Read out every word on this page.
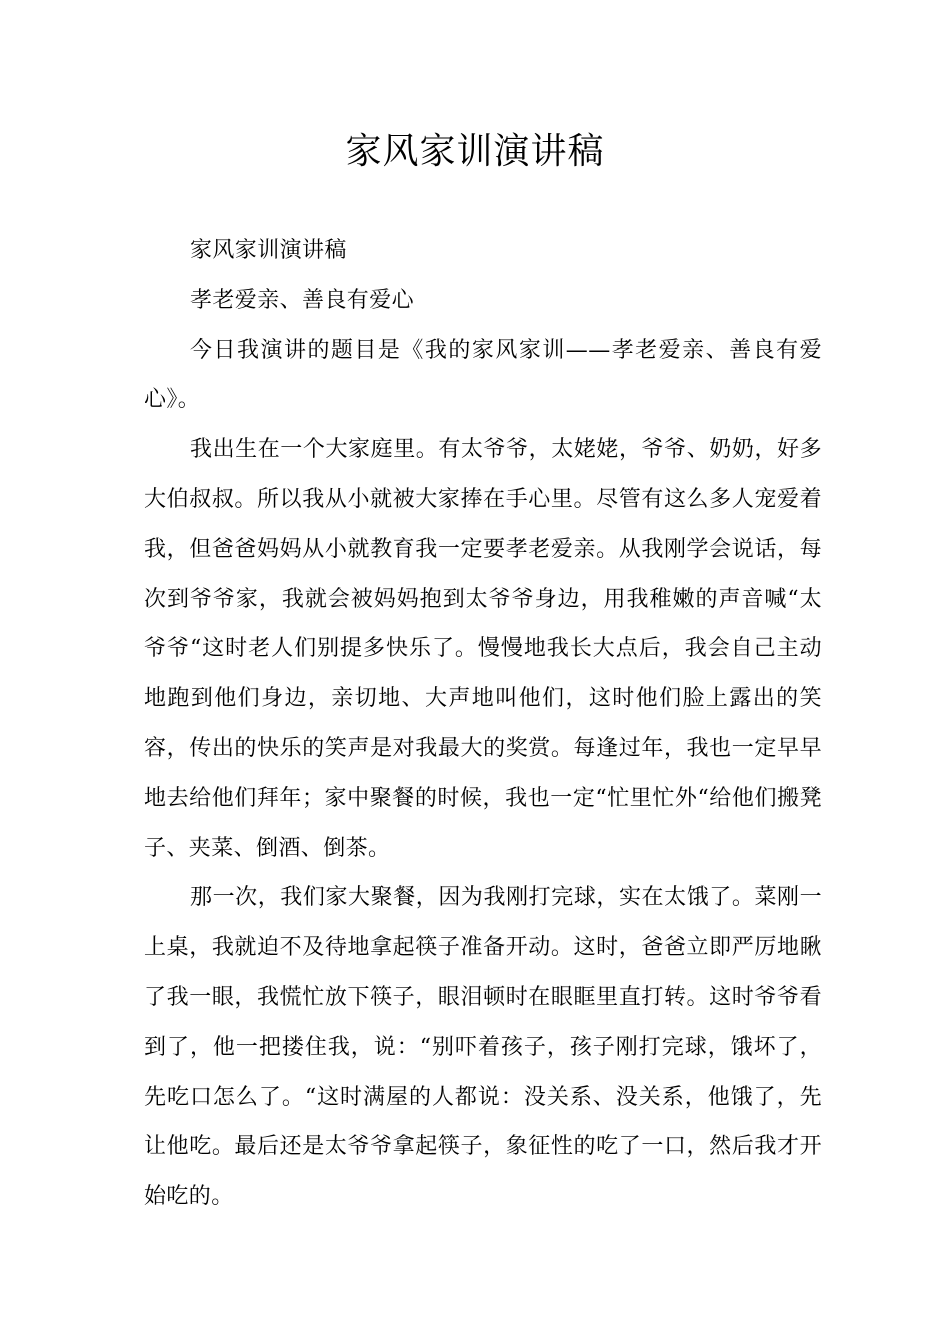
家风家训演讲稿

家风家训演讲稿

孝老爱亲、善良有爱心

今日我演讲的题目是《我的家风家训——孝老爱亲、善良有爱心》。

我出生在一个大家庭里。有太爷爷，太姥姥，爷爷、奶奶，好多大伯叔叔。所以我从小就被大家捧在手心里。尽管有这么多人宠爱着我，但爸爸妈妈从小就教育我一定要孝老爱亲。从我刚学会说话，每次到爷爷家，我就会被妈妈抱到太爷爷身边，用我稚嫩的声音喊“太爷爷“这时老人们别提多快乐了。慢慢地我长大点后，我会自己主动地跑到他们身边，亲切地、大声地叫他们，这时他们脸上露出的笑容，传出的快乐的笑声是对我最大的奖赏。每逢过年，我也一定早早地去给他们拜年；家中聚餐的时候，我也一定“忙里忙外“给他们搬凳子、夹菜、倒酒、倒茶。

那一次，我们家大聚餐，因为我刚打完球，实在太饿了。菜刚一上桌，我就迫不及待地拿起筷子准备开动。这时，爸爸立即严厉地瞅了我一眼，我慌忙放下筷子，眼泪顿时在眼眶里直打转。这时爷爷看到了，他一把搂住我，说：“别吓着孩子，孩子刚打完球，饿坏了，先吃口怎么了。“这时满屋的人都说：没关系、没关系，他饿了，先让他吃。最后还是太爷爷拿起筷子，象征性的吃了一口，然后我才开始吃的。
